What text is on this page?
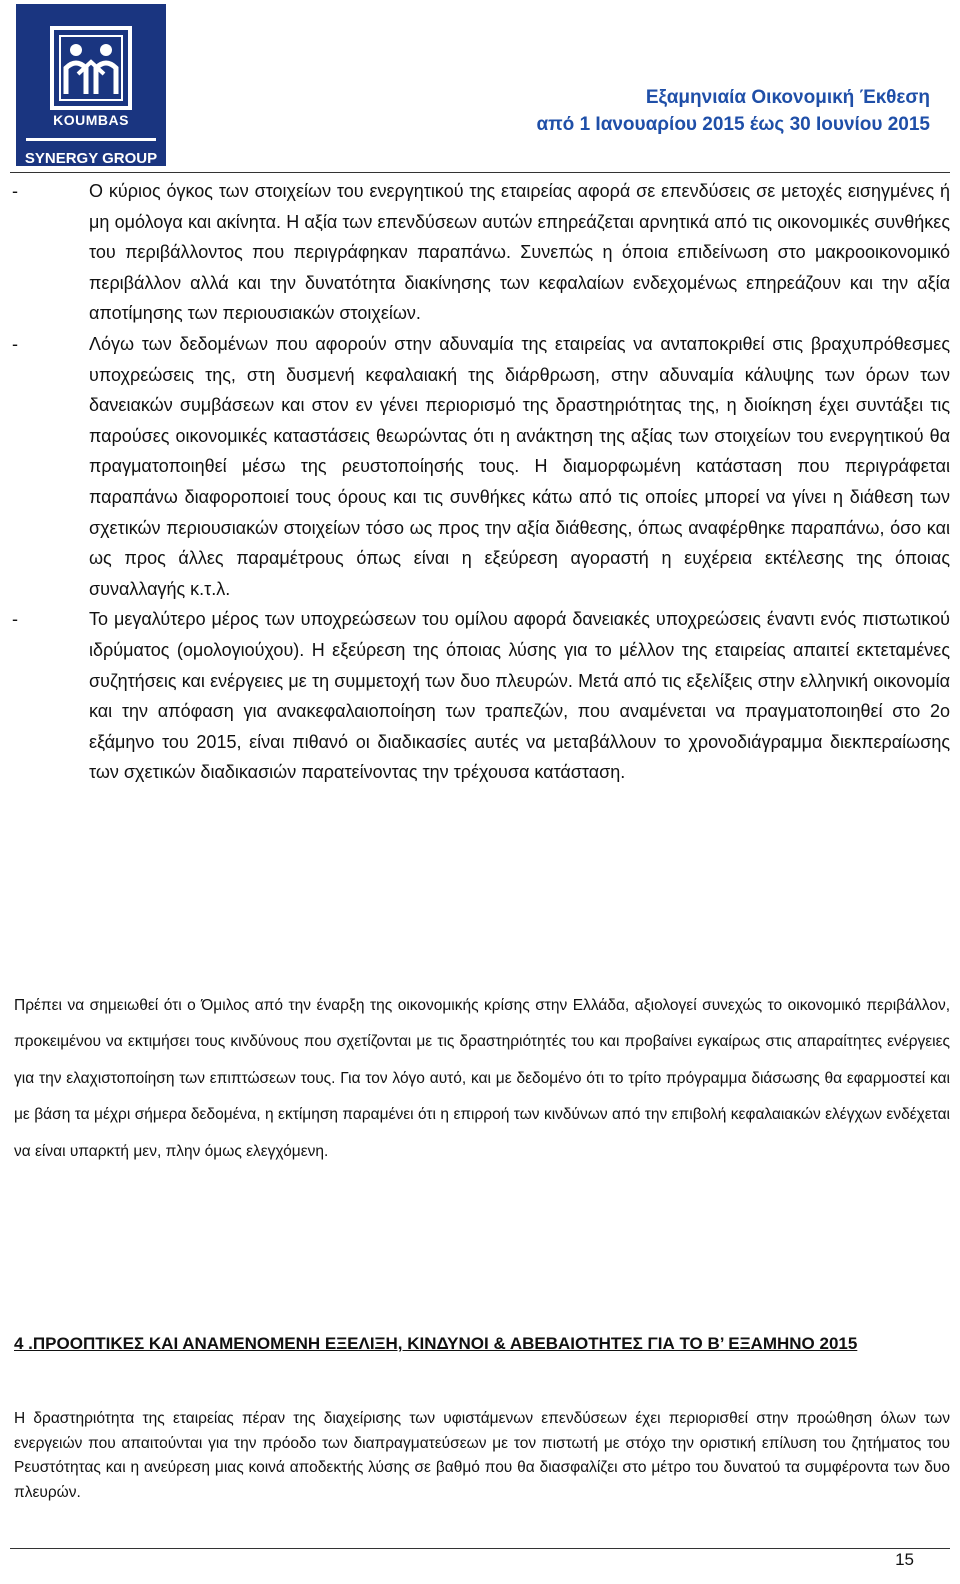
KOUMBAS
SYNERGY GROUP
Εξαμηνιαία Οικονομική Έκθεση
από 1 Ιανουαρίου 2015 έως 30 Ιουνίου 2015
-	Ο κύριος όγκος των στοιχείων του ενεργητικού της εταιρείας αφορά σε επενδύσεις σε μετοχές εισηγμένες ή μη ομόλογα και ακίνητα. Η αξία των επενδύσεων αυτών επηρεάζεται αρνητικά από τις οικονομικές συνθήκες του περιβάλλοντος που περιγράφηκαν παραπάνω. Συνεπώς η όποια επιδείνωση στο μακροοικονομικό περιβάλλον αλλά και την δυνατότητα διακίνησης των κεφαλαίων ενδεχομένως επηρεάζουν και την αξία αποτίμησης των περιουσιακών στοιχείων.

-	Λόγω των δεδομένων που αφορούν στην αδυναμία της εταιρείας να ανταποκριθεί στις βραχυπρόθεσμες υποχρεώσεις της, στη δυσμενή κεφαλαιακή της διάρθρωση, στην αδυναμία κάλυψης των όρων των δανειακών συμβάσεων και στον εν γένει περιορισμό της δραστηριότητας της, η διοίκηση έχει συντάξει τις παρούσες οικονομικές καταστάσεις θεωρώντας ότι η ανάκτηση της αξίας των στοιχείων του ενεργητικού θα πραγματοποιηθεί μέσω της ρευστοποίησής τους. Η διαμορφωμένη κατάσταση που περιγράφεται παραπάνω διαφοροποιεί τους όρους και τις συνθήκες κάτω από τις οποίες μπορεί να γίνει η διάθεση των σχετικών περιουσιακών στοιχείων τόσο ως προς την αξία διάθεσης, όπως αναφέρθηκε παραπάνω, όσο και ως προς άλλες παραμέτρους όπως είναι η εξεύρεση αγοραστή η ευχέρεια εκτέλεσης της όποιας συναλλαγής κ.τ.λ.

-	Το μεγαλύτερο μέρος των υποχρεώσεων του ομίλου αφορά δανειακές υποχρεώσεις έναντι ενός πιστωτικού ιδρύματος (ομολογιούχου). Η εξεύρεση της όποιας λύσης για το μέλλον της εταιρείας απαιτεί εκτεταμένες συζητήσεις και ενέργειες με τη συμμετοχή των δυο πλευρών. Μετά από τις εξελίξεις στην ελληνική οικονομία και την απόφαση για ανακεφαλαιοποίηση των τραπεζών, που αναμένεται να πραγματοποιηθεί στο 2ο εξάμηνο του 2015, είναι πιθανό οι διαδικασίες αυτές να μεταβάλλουν το χρονοδιάγραμμα διεκπεραίωσης των σχετικών διαδικασιών παρατείνοντας την τρέχουσα κατάσταση.

Πρέπει να σημειωθεί ότι ο Όμιλος από την έναρξη της οικονομικής κρίσης στην Ελλάδα, αξιολογεί συνεχώς το οικονομικό περιβάλλον, προκειμένου να εκτιμήσει τους κινδύνους που σχετίζονται με τις δραστηριότητές του και προβαίνει εγκαίρως στις απαραίτητες ενέργειες για την ελαχιστοποίηση των επιπτώσεων τους. Για τον λόγο αυτό, και με δεδομένο ότι το τρίτο πρόγραμμα διάσωσης θα εφαρμοστεί και με βάση τα μέχρι σήμερα δεδομένα, η εκτίμηση παραμένει ότι η επιρροή των κινδύνων από την επιβολή κεφαλαιακών ελέγχων ενδέχεται να είναι υπαρκτή μεν, πλην όμως ελεγχόμενη.

4 .ΠΡΟΟΠΤΙΚΕΣ ΚΑΙ ΑΝΑΜΕΝΟΜΕΝΗ ΕΞΕΛΙΞΗ, ΚΙΝΔΥΝΟΙ & ΑΒΕΒΑΙΟΤΗΤΕΣ ΓΙΑ ΤΟ Β’ ΕΞΑΜΗΝΟ 2015

Η δραστηριότητα της εταιρείας πέραν της διαχείρισης των υφιστάμενων επενδύσεων έχει περιορισθεί στην προώθηση όλων των ενεργειών που απαιτούνται για την πρόοδο των διαπραγματεύσεων με τον πιστωτή με στόχο την οριστική επίλυση του ζητήματος του Ρευστότητας και η ανεύρεση μιας κοινά αποδεκτής λύσης σε βαθμό που θα διασφαλίζει στο μέτρο του δυνατού τα συμφέροντα των δυο πλευρών.

15
